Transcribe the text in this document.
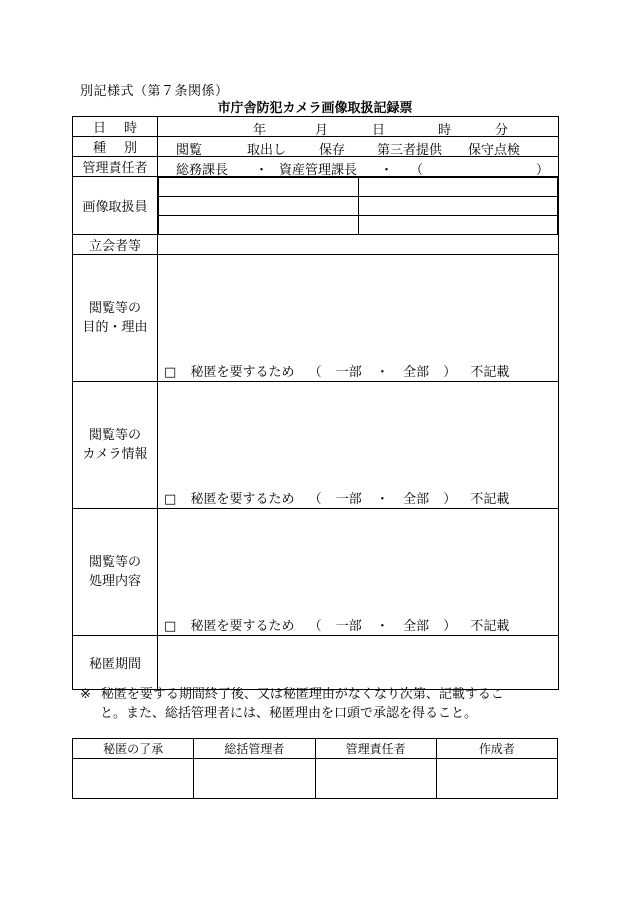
別記様式（第７条関係）
市庁舎防犯カメラ画像取扱記録票
日 時	年	月	日	時	分

種 別	閲覧	取出し	保存 第三者提供 保守点検

管理責任者	総務課長 ・ 資産管理課長 ・ （	）

画像取扱員	

立会者等	

閲覧等の
目的・理由

□ 秘匿を要するため （ 一部 ・ 全部 ） 不記載

閲覧等の
カメラ情報

□ 秘匿を要するため （ 一部 ・ 全部 ） 不記載

閲覧等の
処理内容

□ 秘匿を要するため （ 一部 ・ 全部 ） 不記載

秘匿期間	
※ 秘匿を要する期間終了後、又は秘匿理由がなくなり次第、記載するこ
と。また、総括管理者には、秘匿理由を口頭で承認を得ること。
秘匿の了承	総括管理者	管理責任者	作成者
